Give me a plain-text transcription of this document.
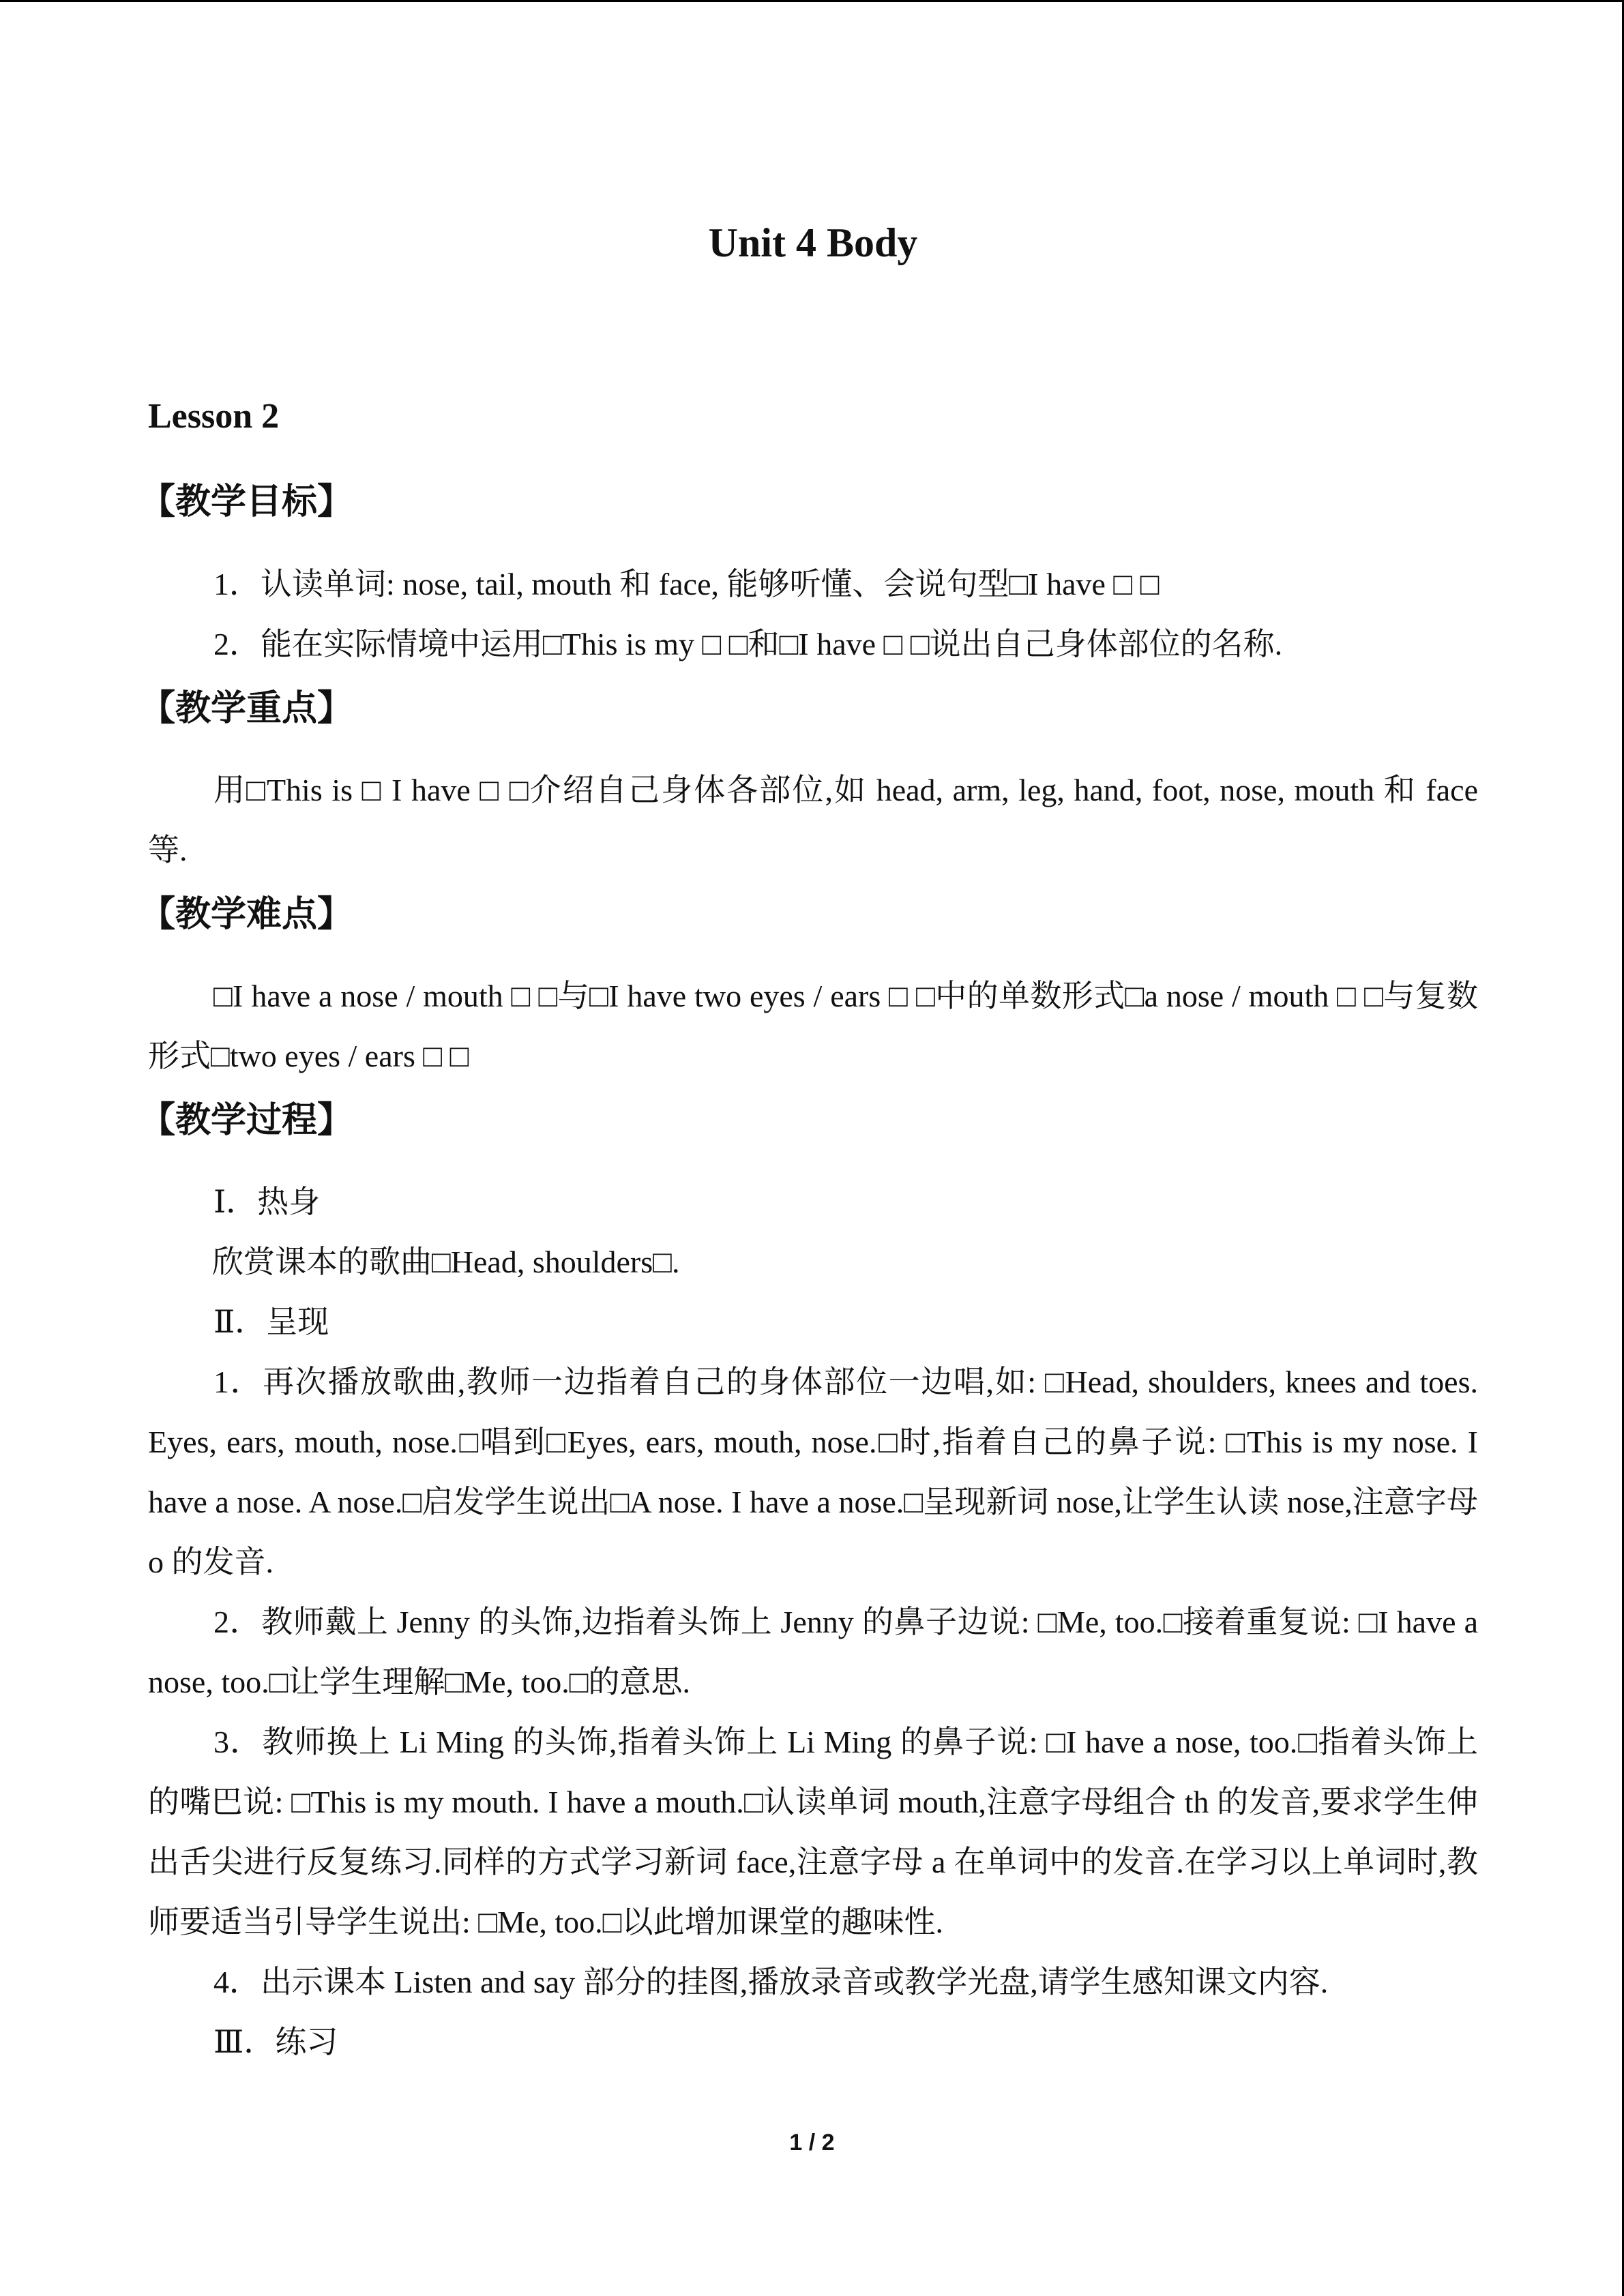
Unit 4 Body
Lesson 2
【教学目标】

1．认读单词: nose, tail, mouth 和 face, 能够听懂、会说句型□I have □ □

2．能在实际情境中运用□This is my □ □和□I have □ □说出自己身体部位的名称.

【教学重点】

用□This is □ I have □ □介绍自己身体各部位,如 head, arm, leg, hand, foot, nose, mouth 和 face 等.

【教学难点】

□I have a nose / mouth □ □与□I have two eyes / ears □ □中的单数形式□a nose / mouth □ □与复数形式□two eyes / ears □ □

【教学过程】

Ⅰ．热身

欣赏课本的歌曲□Head, shoulders□.

Ⅱ．呈现

1．再次播放歌曲,教师一边指着自己的身体部位一边唱,如: □Head, shoulders, knees and toes. Eyes, ears, mouth, nose.□唱到□Eyes, ears, mouth, nose.□时,指着自己的鼻子说: □This is my nose. I have a nose. A nose.□启发学生说出□A nose. I have a nose.□呈现新词 nose,让学生认读 nose,注意字母 o 的发音.

2．教师戴上 Jenny 的头饰,边指着头饰上 Jenny 的鼻子边说: □Me, too.□接着重复说: □I have a nose, too.□让学生理解□Me, too.□的意思.

3．教师换上 Li Ming 的头饰,指着头饰上 Li Ming 的鼻子说: □I have a nose, too.□指着头饰上的嘴巴说: □This is my mouth. I have a mouth.□认读单词 mouth,注意字母组合 th 的发音,要求学生伸出舌尖进行反复练习.同样的方式学习新词 face,注意字母 a 在单词中的发音.在学习以上单词时,教师要适当引导学生说出: □Me, too.□以此增加课堂的趣味性.

4．出示课本 Listen and say 部分的挂图,播放录音或教学光盘,请学生感知课文内容.

Ⅲ．练习

1 / 2
